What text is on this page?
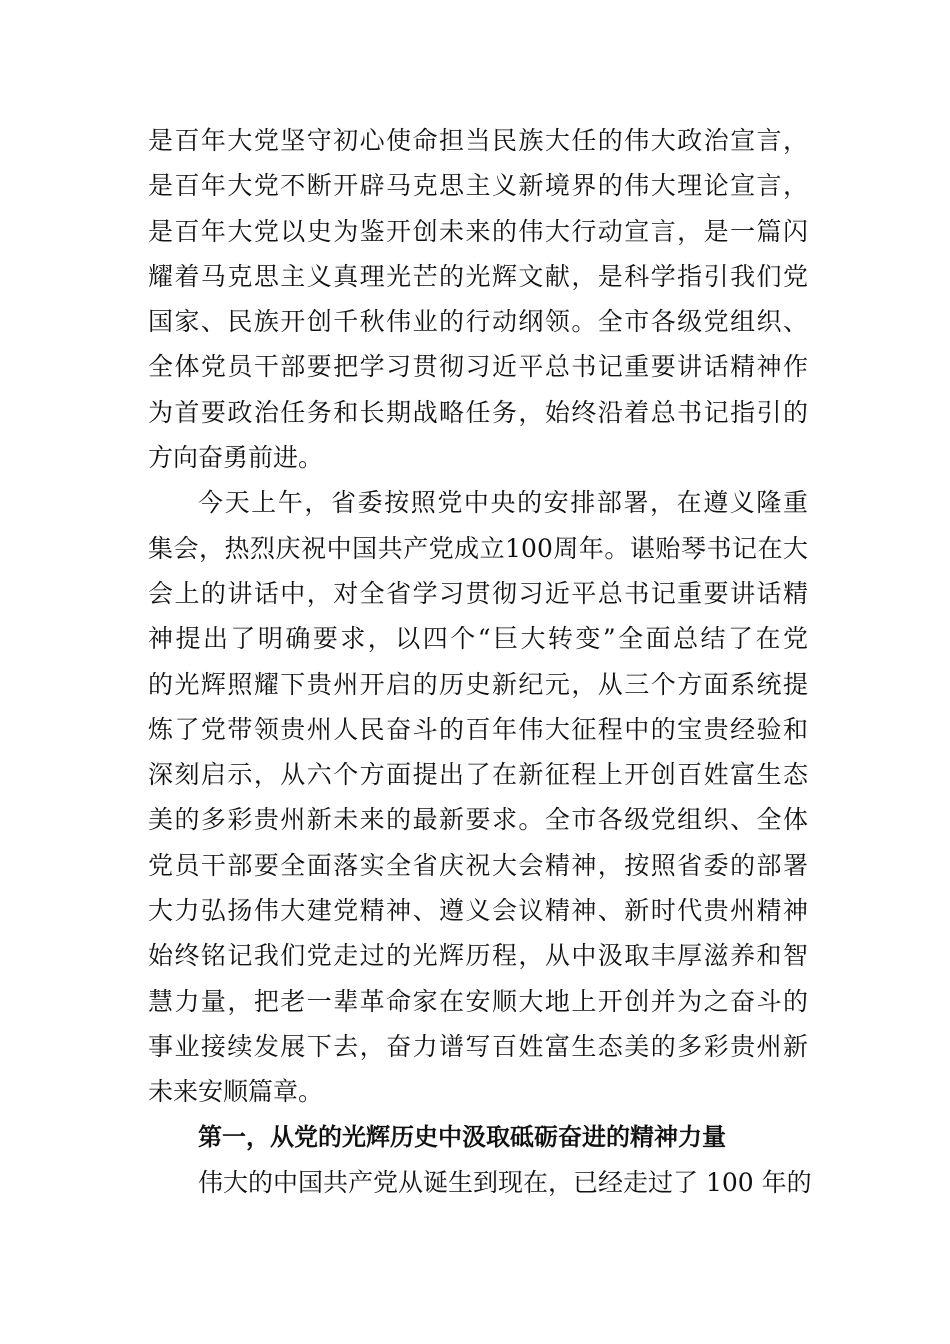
是百年大党坚守初心使命担当民族大任的伟大政治宣言，
是百年大党不断开辟马克思主义新境界的伟大理论宣言，
是百年大党以史为鉴开创未来的伟大行动宣言，是一篇闪
耀着马克思主义真理光芒的光辉文献，是科学指引我们党
国家、民族开创千秋伟业的行动纲领。全市各级党组织、
全体党员干部要把学习贯彻习近平总书记重要讲话精神作
为首要政治任务和长期战略任务，始终沿着总书记指引的
方向奋勇前进。
今天上午，省委按照党中央的安排部署，在遵义隆重
集会，热烈庆祝中国共产党成立100周年。谌贻琴书记在大
会上的讲话中，对全省学习贯彻习近平总书记重要讲话精
神提出了明确要求，以四个“巨大转变”全面总结了在党
的光辉照耀下贵州开启的历史新纪元，从三个方面系统提
炼了党带领贵州人民奋斗的百年伟大征程中的宝贵经验和
深刻启示，从六个方面提出了在新征程上开创百姓富生态
美的多彩贵州新未来的最新要求。全市各级党组织、全体
党员干部要全面落实全省庆祝大会精神，按照省委的部署
大力弘扬伟大建党精神、遵义会议精神、新时代贵州精神
始终铭记我们党走过的光辉历程，从中汲取丰厚滋养和智
慧力量，把老一辈革命家在安顺大地上开创并为之奋斗的
事业接续发展下去，奋力谱写百姓富生态美的多彩贵州新
未来安顺篇章。
第一，从党的光辉历史中汲取砥砺奋进的精神力量
伟大的中国共产党从诞生到现在，已经走过了 100 年的
